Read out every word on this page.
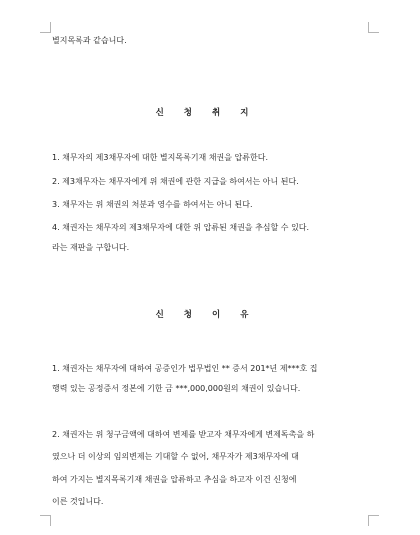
별지목록과 같습니다.
신청취지
1. 채무자의 제3채무자에 대한 별지목록기재 채권을 압류한다.
2. 제3채무자는 채무자에게 위 채권에 관한 지급을 하여서는 아니 된다.
3. 채무자는 위 채권의 처분과 영수를 하여서는 아니 된다.
4. 채권자는 채무자의 제3채무자에 대한 위 압류된 채권을 추심할 수 있다.
라는 재판을 구합니다.
신청이유
1. 채권자는 채무자에 대하여 공증인가 법무법인 ** 증서 201*년 제***호 집
행력 있는 공정증서 정본에 기한 금 ***,000,000원의 채권이 있습니다.
2. 채권자는 위 청구금액에 대하여 변제를 받고자 채무자에게 변제독촉을 하
였으나 더 이상의 임의변제는 기대할 수 없어, 채무자가 제3채무자에 대
하여 가지는 별지목록기재 채권을 압류하고 추심을 하고자 이건 신청에
이른 것입니다.
